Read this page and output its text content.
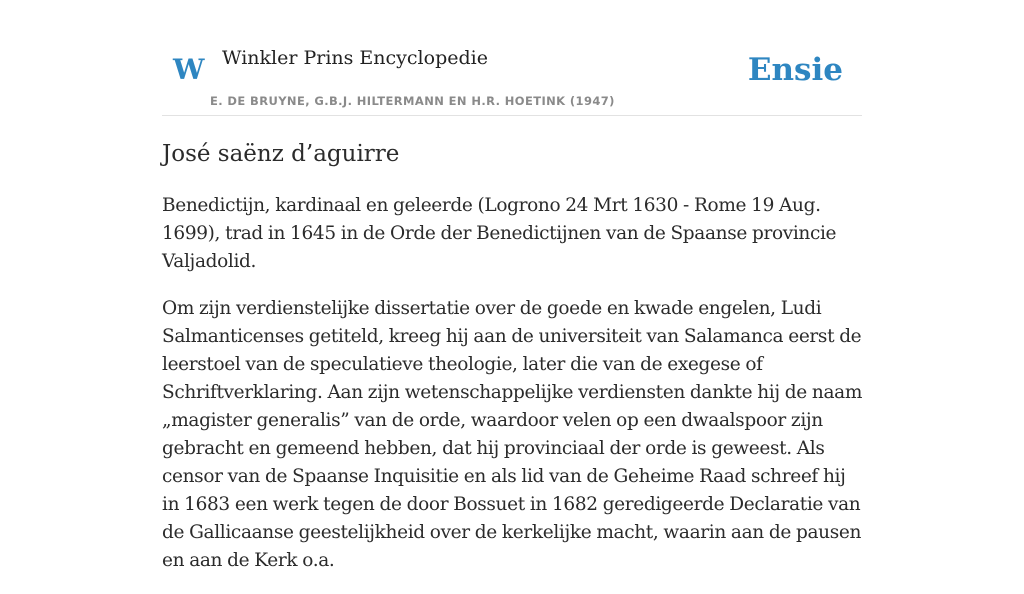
W Winkler Prins Encyclopedie	Ensie
E. DE BRUYNE, G.B.J. HILTERMANN EN H.R. HOETINK (1947)
José saënz d’aguirre

Benedictijn, kardinaal en geleerde (Logrono 24 Mrt 1630 - Rome 19 Aug. 1699), trad in 1645 in de Orde der Benedictijnen van de Spaanse provincie Valjadolid.

Om zijn verdienstelijke dissertatie over de goede en kwade engelen, Ludi Salmanticenses getiteld, kreeg hij aan de universiteit van Salamanca eerst de leerstoel van de speculatieve theologie, later die van de exegese of Schriftverklaring. Aan zijn wetenschappelijke verdiensten dankte hij de naam „magister generalis” van de orde, waardoor velen op een dwaalspoor zijn gebracht en gemeend hebben, dat hij provinciaal der orde is geweest. Als censor van de Spaanse Inquisitie en als lid van de Geheime Raad schreef hij in 1683 een werk tegen de door Bossuet in 1682 geredigeerde Declaratie van de Gallicaanse geestelijkheid over de kerkelijke macht, waarin aan de pausen en aan de Kerk o.a.
